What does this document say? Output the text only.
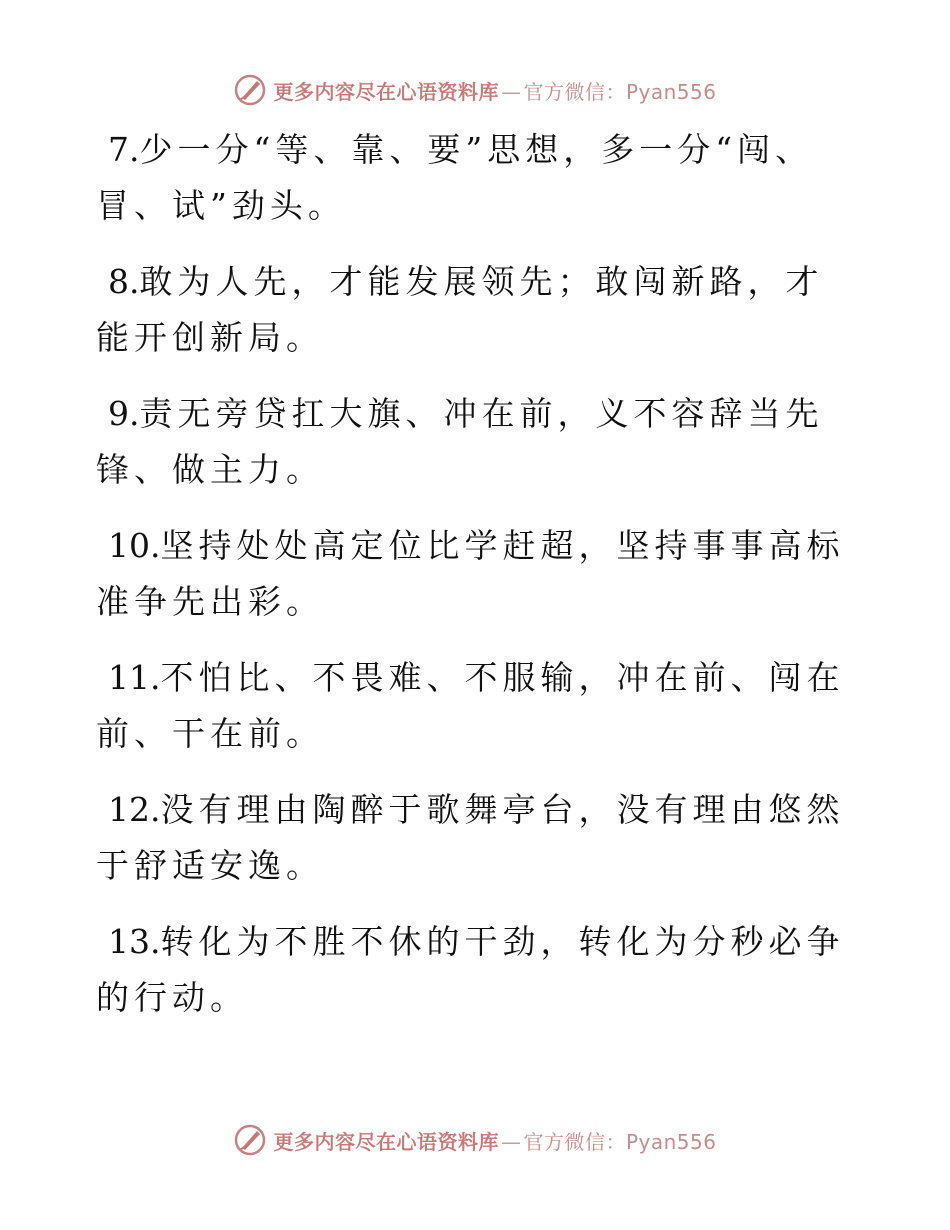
更多内容尽在心语资料库 — 官方微信：Pyan556

7.少一分“等、靠、要”思想，多一分“闯、冒、试”劲头。

8.敢为人先，才能发展领先；敢闯新路，才能开创新局。

9.责无旁贷扛大旗、冲在前，义不容辞当先锋、做主力。

10.坚持处处高定位比学赶超，坚持事事高标准争先出彩。

11.不怕比、不畏难、不服输，冲在前、闯在前、干在前。

12.没有理由陶醉于歌舞亭台，没有理由悠然于舒适安逸。

13.转化为不胜不休的干劲，转化为分秒必争的行动。

更多内容尽在心语资料库 — 官方微信：Pyan556
